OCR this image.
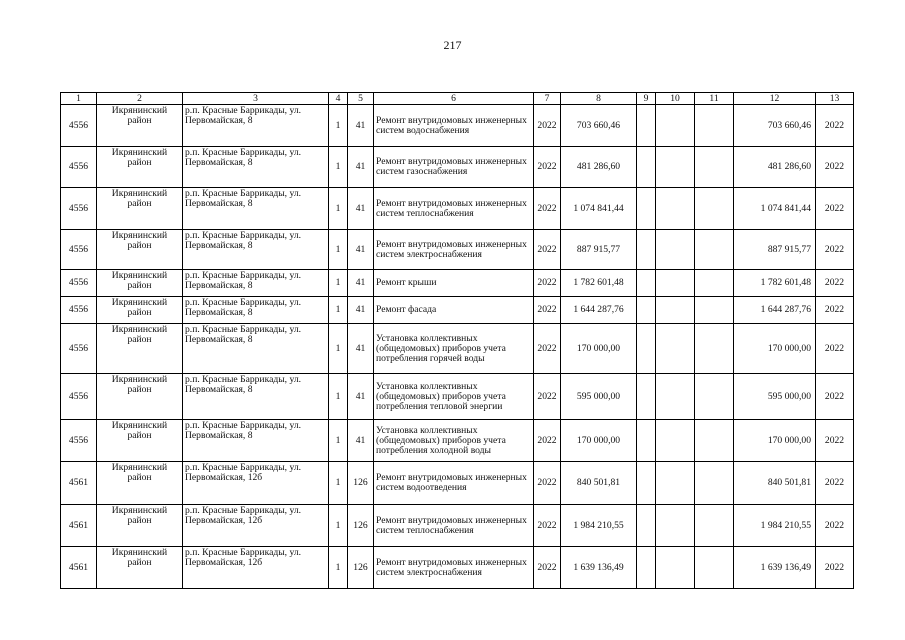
217
1	2	3	4	5	6	7	8	9	10	11	12	13
4556	Икрянинский район	р.п. Красные Баррикады, ул. Первомайская, 8	1	41	Ремонт внутридомовых инженерных систем водоснабжения	2022	703 660,46				703 660,46	2022
4556	Икрянинский район	р.п. Красные Баррикады, ул. Первомайская, 8	1	41	Ремонт внутридомовых инженерных систем газоснабжения	2022	481 286,60				481 286,60	2022
4556	Икрянинский район	р.п. Красные Баррикады, ул. Первомайская, 8	1	41	Ремонт внутридомовых инженерных систем теплоснабжения	2022	1 074 841,44				1 074 841,44	2022
4556	Икрянинский район	р.п. Красные Баррикады, ул. Первомайская, 8	1	41	Ремонт внутридомовых инженерных систем электроснабжения	2022	887 915,77				887 915,77	2022
4556	Икрянинский район	р.п. Красные Баррикады, ул. Первомайская, 8	1	41	Ремонт крыши	2022	1 782 601,48				1 782 601,48	2022
4556	Икрянинский район	р.п. Красные Баррикады, ул. Первомайская, 8	1	41	Ремонт фасада	2022	1 644 287,76				1 644 287,76	2022
4556	Икрянинский район	р.п. Красные Баррикады, ул. Первомайская, 8	1	41	Установка коллективных (общедомовых) приборов учета потребления горячей воды	2022	170 000,00				170 000,00	2022
4556	Икрянинский район	р.п. Красные Баррикады, ул. Первомайская, 8	1	41	Установка коллективных (общедомовых) приборов учета потребления тепловой энергии	2022	595 000,00				595 000,00	2022
4556	Икрянинский район	р.п. Красные Баррикады, ул. Первомайская, 8	1	41	Установка коллективных (общедомовых) приборов учета потребления холодной воды	2022	170 000,00				170 000,00	2022
4561	Икрянинский район	р.п. Красные Баррикады, ул. Первомайская, 12б	1	126	Ремонт внутридомовых инженерных систем водоотведения	2022	840 501,81				840 501,81	2022
4561	Икрянинский район	р.п. Красные Баррикады, ул. Первомайская, 12б	1	126	Ремонт внутридомовых инженерных систем теплоснабжения	2022	1 984 210,55				1 984 210,55	2022
4561	Икрянинский район	р.п. Красные Баррикады, ул. Первомайская, 12б	1	126	Ремонт внутридомовых инженерных систем электроснабжения	2022	1 639 136,49				1 639 136,49	2022
